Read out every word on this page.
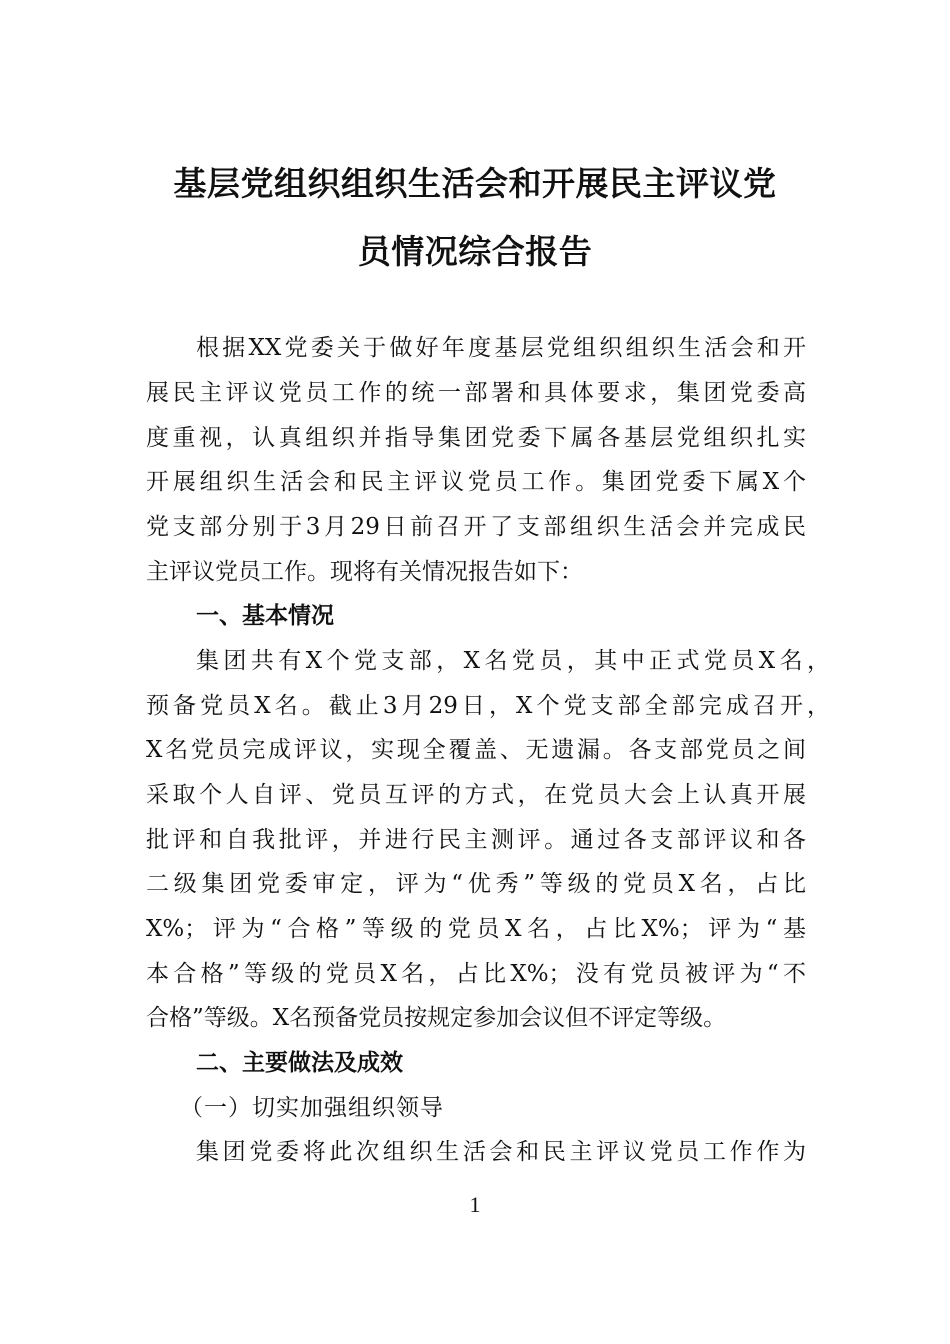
基层党组织组织生活会和开展民主评议党
员情况综合报告
根据XX党委关于做好年度基层党组织组织生活会和开
展民主评议党员工作的统一部署和具体要求，集团党委高
度重视，认真组织并指导集团党委下属各基层党组织扎实
开展组织生活会和民主评议党员工作。集团党委下属X个
党支部分别于3月29日前召开了支部组织生活会并完成民
主评议党员工作。现将有关情况报告如下：
一、基本情况
集团共有X个党支部，X名党员，其中正式党员X名，
预备党员X名。截止3月29日，X个党支部全部完成召开，
X名党员完成评议，实现全覆盖、无遗漏。各支部党员之间
采取个人自评、党员互评的方式，在党员大会上认真开展
批评和自我批评，并进行民主测评。通过各支部评议和各
二级集团党委审定，评为“优秀”等级的党员X名，占比
X%；评为“合格”等级的党员X名，占比X%；评为“基
本合格”等级的党员X名，占比X%；没有党员被评为“不
合格”等级。X名预备党员按规定参加会议但不评定等级。
二、主要做法及成效
（一）切实加强组织领导
集团党委将此次组织生活会和民主评议党员工作作为
1
